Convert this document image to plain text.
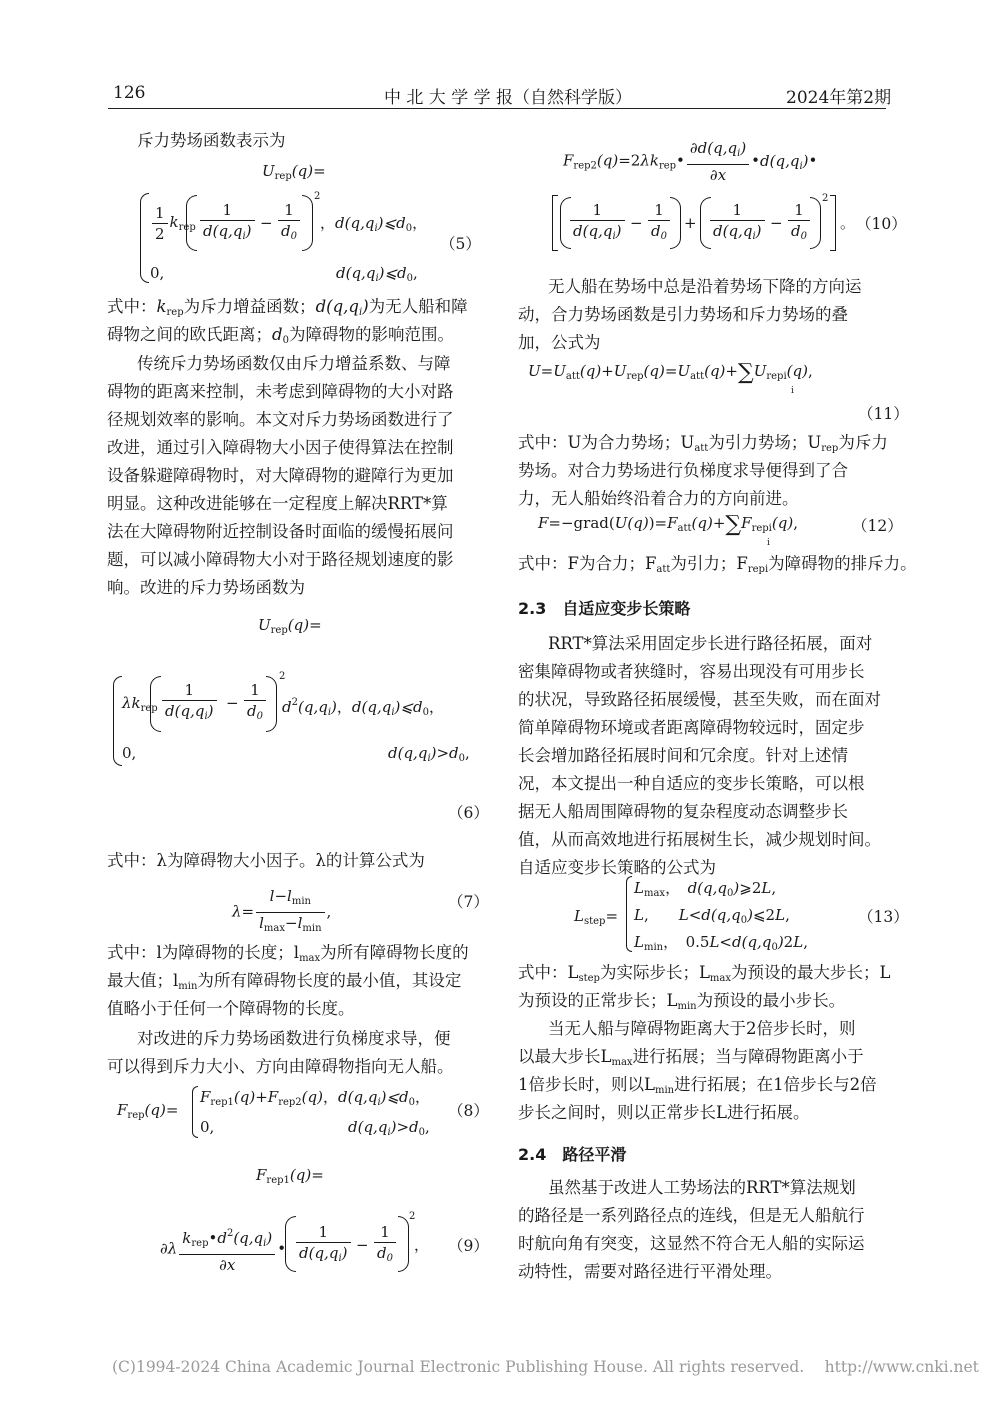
126	中 北 大 学 学 报（自然科学版）	2024年第2期
斥力势场函数表示为
$U_{rep}(q)=$
$\frac{1}{2} k_{rep} \frac{1}{d(q,q_i)} - \frac{1}{d_0}$
2
，$d(q,q_i)⩽d_0$，
（5）
0,	$d(q,q_i)⩽d_0$,
式中：krep为斥力增益函数；d(q,qi)为无人船和障
碍物之间的欧氏距离；d0为障碍物的影响范围。
传统斥力势场函数仅由斥力增益系数、与障
碍物的距离来控制，未考虑到障碍物的大小对路
径规划效率的影响。本文对斥力势场函数进行了
改进，通过引入障碍物大小因子使得算法在控制
设备躲避障碍物时，对大障碍物的避障行为更加
明显。这种改进能够在一定程度上解决RRT*算
法在大障碍物附近控制设备时面临的缓慢拓展问
题，可以减小障碍物大小对于路径规划速度的影
响。改进的斥力势场函数为
$U_{rep}(q)=$
$\lambda k_{rep} \frac{1}{d(q,q_i)} - \frac{1}{d_0}$
2
$d^2(q,q_i)$，$d(q,q_i)⩽d_0$，
0,	$d(q,q_i)>d_0$,
（6）
式中：λ为障碍物大小因子。λ的计算公式为
$\lambda= \frac{l-l_{min}}{l_{max}-l_{min}}$ ,
（7）
式中：l为障碍物的长度；lmax为所有障碍物长度的
最大值；lmin为所有障碍物长度的最小值，其设定
值略小于任何一个障碍物的长度。
对改进的斥力势场函数进行负梯度求导，便
可以得到斥力大小、方向由障碍物指向无人船。
$F_{rep}(q)=$
$F_{rep1}(q)+F_{rep2}(q)$，$d(q,q_i)⩽d_0$，
0,	$d(q,q_i)>d_0$,
（8）
$F_{rep1}(q)=$
$\partial\lambda \frac{k_{rep}•d^2(q,q_i)}{\partial x}$ • $\frac{1}{d(q,q_i)} - \frac{1}{d_0}$
2
， （9）
$F_{rep2}(q)=2\lambda k_{rep}• \frac{\partial d(q,q_i)}{\partial x}$ $•d(q,q_i)•$
$\frac{1}{d(q,q_i)} - \frac{1}{d_0} + \frac{1}{d(q,q_i)} - \frac{1}{d_0}$
2
。 （10）
无人船在势场中总是沿着势场下降的方向运
动，合力势场函数是引力势场和斥力势场的叠
加，公式为
$U=U_{att}(q)+U_{rep}(q)=U_{att}(q)+\sum U_{repi}(q)$,
i
（11）
式中：U为合力势场；Uatt为引力势场；Urep为斥力
势场。对合力势场进行负梯度求导便得到了合
力，无人船始终沿着合力的方向前进。
$F=-grad(U(q))=F_{att}(q)+\sum F_{repi}(q)$,
i
（12）
式中：F为合力；Fatt为引力；Frepi为障碍物的排斥力。
2.3　自适应变步长策略
RRT*算法采用固定步长进行路径拓展，面对
密集障碍物或者狭缝时，容易出现没有可用步长
的状况，导致路径拓展缓慢，甚至失败，而在面对
简单障碍物环境或者距离障碍物较远时，固定步
长会增加路径拓展时间和冗余度。针对上述情
况，本文提出一种自适应的变步长策略，可以根
据无人船周围障碍物的复杂程度动态调整步长
值，从而高效地进行拓展树生长，减少规划时间。
自适应变步长策略的公式为
$L_{step}=$
$L_{max}$，　$d(q,q_0)⩾2L$,
L,　　$L<d(q,q_0)⩽2L$,
$L_{min}$，　$0.5L<d(q,q_0)2L$,
（13）
式中：Lstep为实际步长；Lmax为预设的最大步长；L
为预设的正常步长；Lmin为预设的最小步长。
当无人船与障碍物距离大于2倍步长时，则
以最大步长Lmax进行拓展；当与障碍物距离小于
1倍步长时，则以Lmin进行拓展；在1倍步长与2倍
步长之间时，则以正常步长L进行拓展。
2.4　路径平滑
虽然基于改进人工势场法的RRT*算法规划
的路径是一系列路径点的连线，但是无人船航行
时航向角有突变，这显然不符合无人船的实际运
动特性，需要对路径进行平滑处理。
(C)1994-2024 China Academic Journal Electronic Publishing House. All rights reserved.　 http://www.cnki.net
